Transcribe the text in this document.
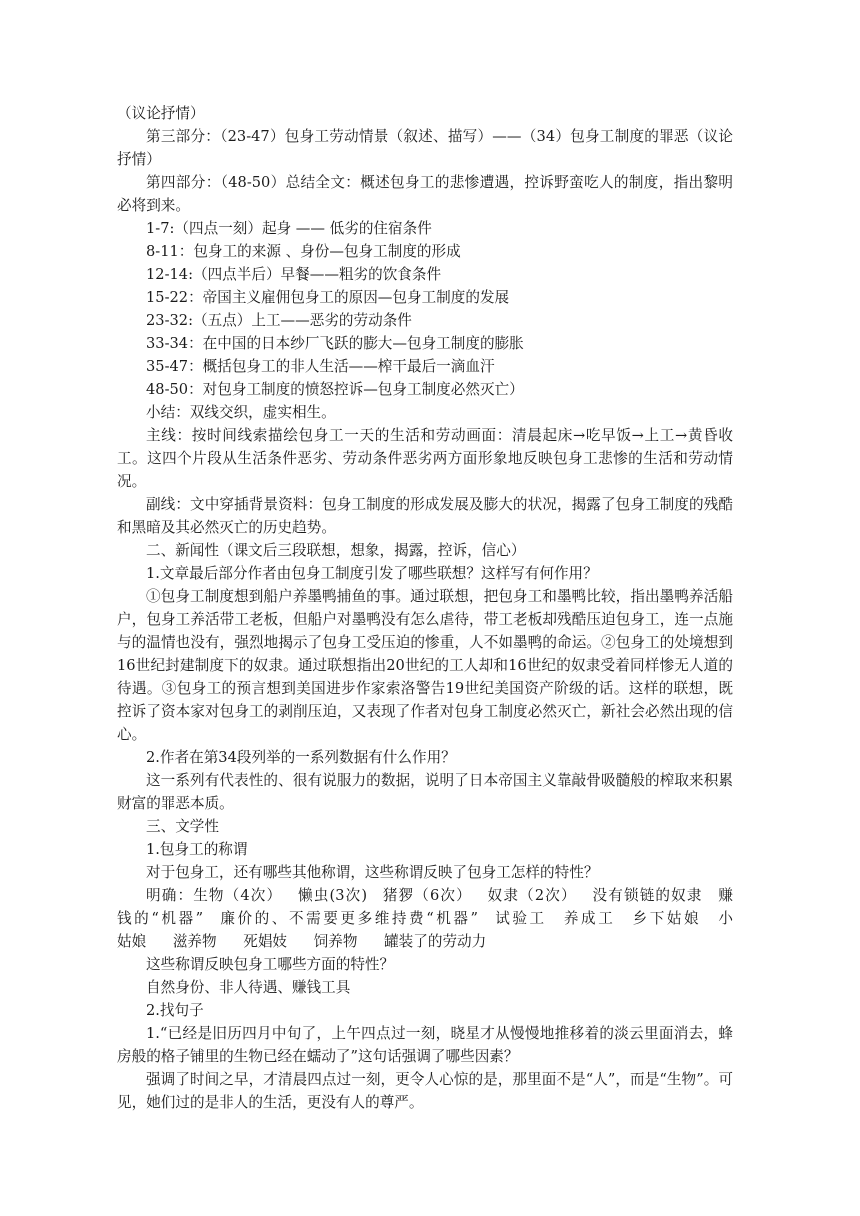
（议论抒情）
第三部分：（23-47）包身工劳动情景（叙述、描写）——（34）包身工制度的罪恶（议论抒情）
第四部分：（48-50）总结全文：概述包身工的悲惨遭遇，控诉野蛮吃人的制度，指出黎明必将到来。
1-7:（四点一刻）起身 —— 低劣的住宿条件
8-11：包身工的来源 、身份—包身工制度的形成
12-14:（四点半后）早餐——粗劣的饮食条件
15-22：帝国主义雇佣包身工的原因—包身工制度的发展
23-32:（五点）上工——恶劣的劳动条件
33-34：在中国的日本纱厂飞跃的膨大—包身工制度的膨胀
35-47：概括包身工的非人生活——榨干最后一滴血汗
48-50：对包身工制度的愤怒控诉—包身工制度必然灭亡）
小结：双线交织，虚实相生。
主线：按时间线索描绘包身工一天的生活和劳动画面：清晨起床→吃早饭→上工→黄昏收工。这四个片段从生活条件恶劣、劳动条件恶劣两方面形象地反映包身工悲惨的生活和劳动情况。
副线：文中穿插背景资料：包身工制度的形成发展及膨大的状况，揭露了包身工制度的残酷和黑暗及其必然灭亡的历史趋势。
二、新闻性（课文后三段联想，想象，揭露，控诉，信心）
1.文章最后部分作者由包身工制度引发了哪些联想？这样写有何作用？
①包身工制度想到船户养墨鸭捕鱼的事。通过联想，把包身工和墨鸭比较，指出墨鸭养活船户，包身工养活带工老板，但船户对墨鸭没有怎么虐待，带工老板却残酷压迫包身工，连一点施与的温情也没有，强烈地揭示了包身工受压迫的惨重，人不如墨鸭的命运。②包身工的处境想到16世纪封建制度下的奴隶。通过联想指出20世纪的工人却和16世纪的奴隶受着同样惨无人道的待遇。③包身工的预言想到美国进步作家索洛警告19世纪美国资产阶级的话。这样的联想，既控诉了资本家对包身工的剥削压迫，又表现了作者对包身工制度必然灭亡，新社会必然出现的信心。
2.作者在第34段列举的一系列数据有什么作用？
这一系列有代表性的、很有说服力的数据，说明了日本帝国主义靠敲骨吸髓般的榨取来积累财富的罪恶本质。
三、文学性
1.包身工的称谓
对于包身工，还有哪些其他称谓，这些称谓反映了包身工怎样的特性？
明确：生物（4次） 懒虫(3次) 猪猡（6次） 奴隶（2次） 没有锁链的奴隶 赚
钱的“机器” 廉价的、不需要更多维持费“机器” 试验工 养成工 乡下姑娘 小
姑娘 滋养物 死娼妓 饲养物 罐装了的劳动力
这些称谓反映包身工哪些方面的特性？
自然身份、非人待遇、赚钱工具
2.找句子
1.“已经是旧历四月中旬了，上午四点过一刻，晓星才从慢慢地推移着的淡云里面消去，蜂房般的格子铺里的生物已经在蠕动了”这句话强调了哪些因素？
强调了时间之早，才清晨四点过一刻，更令人心惊的是，那里面不是“人”，而是“生物”。可见，她们过的是非人的生活，更没有人的尊严。
